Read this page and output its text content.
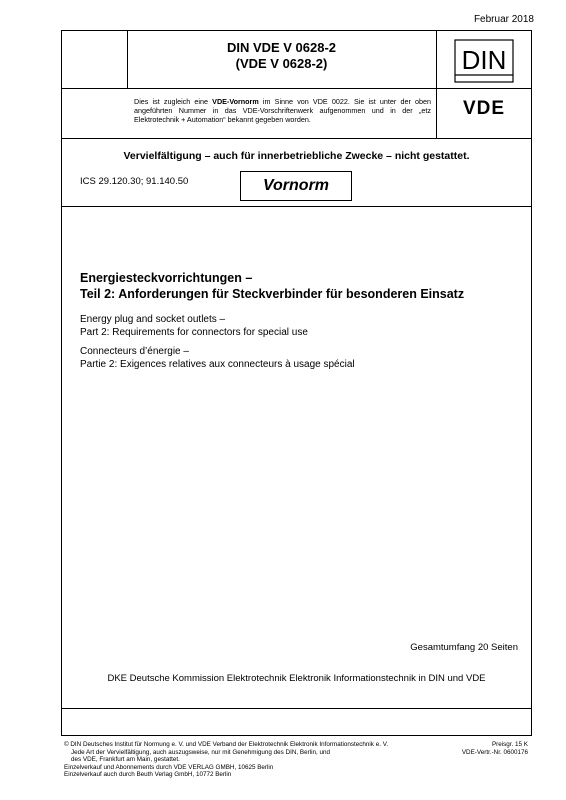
Februar 2018
DIN VDE V 0628-2
(VDE V 0628-2)	DIN
VDE
Dies ist zugleich eine VDE-Vornorm im Sinne von VDE 0022. Sie ist unter der oben angeführten Nummer in das VDE-Vorschriftenwerk aufgenommen und in der „etz Elektrotechnik + Automation“ bekannt gegeben worden.
Vervielfältigung – auch für innerbetriebliche Zwecke – nicht gestattet.
ICS 29.120.30; 91.140.50	Vornorm
Energiesteckvorrichtungen –
Teil 2: Anforderungen für Steckverbinder für besonderen Einsatz
Energy plug and socket outlets –
Part 2: Requirements for connectors for special use
Connecteurs d’énergie –
Partie 2: Exigences relatives aux connecteurs à usage spécial
Gesamtumfang 20 Seiten
DKE Deutsche Kommission Elektrotechnik Elektronik Informationstechnik in DIN und VDE
© DIN Deutsches Institut für Normung e. V. und VDE Verband der Elektrotechnik Elektronik Informationstechnik e. V.
Jede Art der Vervielfältigung, auch auszugsweise, nur mit Genehmigung des DIN, Berlin, und
des VDE, Frankfurt am Main, gestattet.
Einzelverkauf und Abonnements durch VDE VERLAG GMBH, 10625 Berlin
Einzelverkauf auch durch Beuth Verlag GmbH, 10772 Berlin
Preisgr. 15 K
VDE-Vertr.-Nr. 0600176
